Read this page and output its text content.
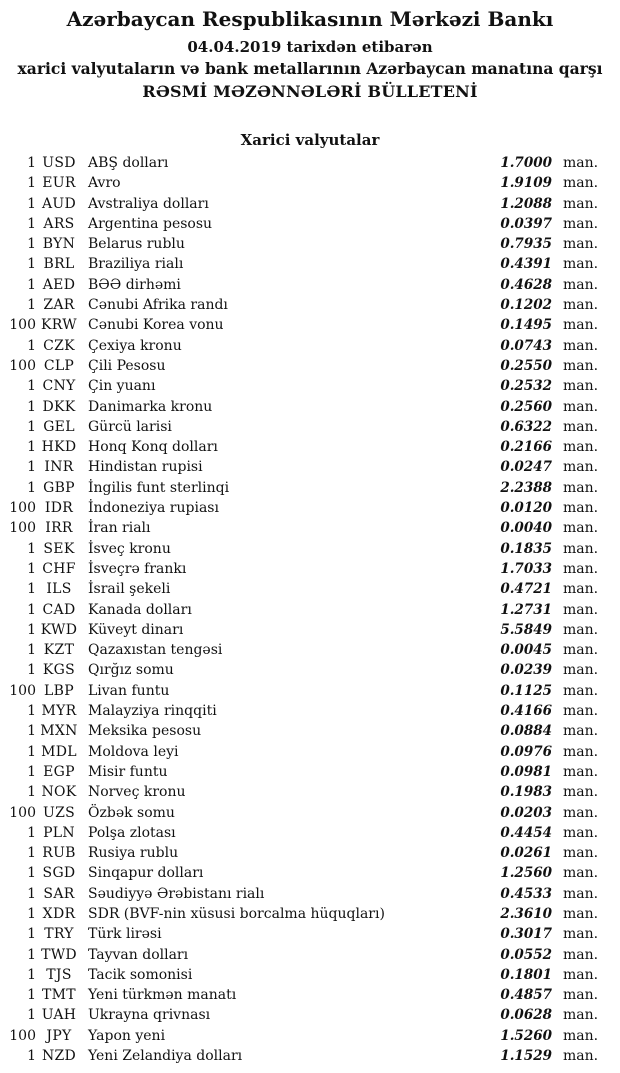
Azərbaycan Respublikasının Mərkəzi Bankı
04.04.2019 tarixdən etibarən
xarici valyutaların və bank metallarının Azərbaycan manatına qarşı
RƏSMİ MƏZƏNNƏLƏRİ BÜLLETENİ
Xarici valyutalar
1 USD ABŞ dolları	1.7000 man.
1 EUR Avro	1.9109 man.
1 AUD Avstraliya dolları	1.2088 man.
1 ARS Argentina pesosu	0.0397 man.
1 BYN Belarus rublu	0.7935 man.
1 BRL Braziliya rialı	0.4391 man.
1 AED BƏƏ dirhəmi	0.4628 man.
1 ZAR Cənubi Afrika randı	0.1202 man.
100 KRW Cənubi Korea vonu	0.1495 man.
1 CZK Çexiya kronu	0.0743 man.
100 CLP Çili Pesosu	0.2550 man.
1 CNY Çin yuanı	0.2532 man.
1 DKK Danimarka kronu	0.2560 man.
1 GEL Gürcü larisi	0.6322 man.
1 HKD Honq Konq dolları	0.2166 man.
1 INR	Hindistan rupisi	0.0247 man.
1 GBP İngilis funt sterlinqi	2.2388 man.
100 IDR	İndoneziya rupiası	0.0120 man.
100 IRR	İran rialı	0.0040 man.
1 SEK İsveç kronu	0.1835 man.
1 CHF İsveçrə frankı	1.7033 man.
1 ILS	İsrail şekeli	0.4721 man.
1 CAD Kanada dolları	1.2731 man.
1 KWD Küveyt dinarı	5.5849 man.
1 KZT Qazaxıstan tengəsi	0.0045 man.
1 KGS Qırğız somu	0.0239 man.
100 LBP	Livan funtu	0.1125 man.
1 MYR Malayziya rinqqiti	0.4166 man.
1 MXN Meksika pesosu	0.0884 man.
1 MDL Moldova leyi	0.0976 man.
1 EGP Misir funtu	0.0981 man.
1 NOK Norveç kronu	0.1983 man.
100 UZS Özbək somu	0.0203 man.
1 PLN Polşa zlotası	0.4454 man.
1 RUB Rusiya rublu	0.0261 man.
1 SGD Sinqapur dolları	1.2560 man.
1 SAR Səudiyyə Ərəbistanı rialı	0.4533 man.
1 XDR SDR (BVF-nin xüsusi borcalma hüquqları)	2.3610 man.
1 TRY	Türk lirəsi	0.3017 man.
1 TWD Tayvan dolları	0.0552 man.
1 TJS	Tacik somonisi	0.1801 man.
1 TMT Yeni türkmən manatı	0.4857 man.
1 UAH Ukrayna qrivnası	0.0628 man.
100 JPY	Yapon yeni	1.5260 man.
1 NZD Yeni Zelandiya dolları	1.1529 man.
